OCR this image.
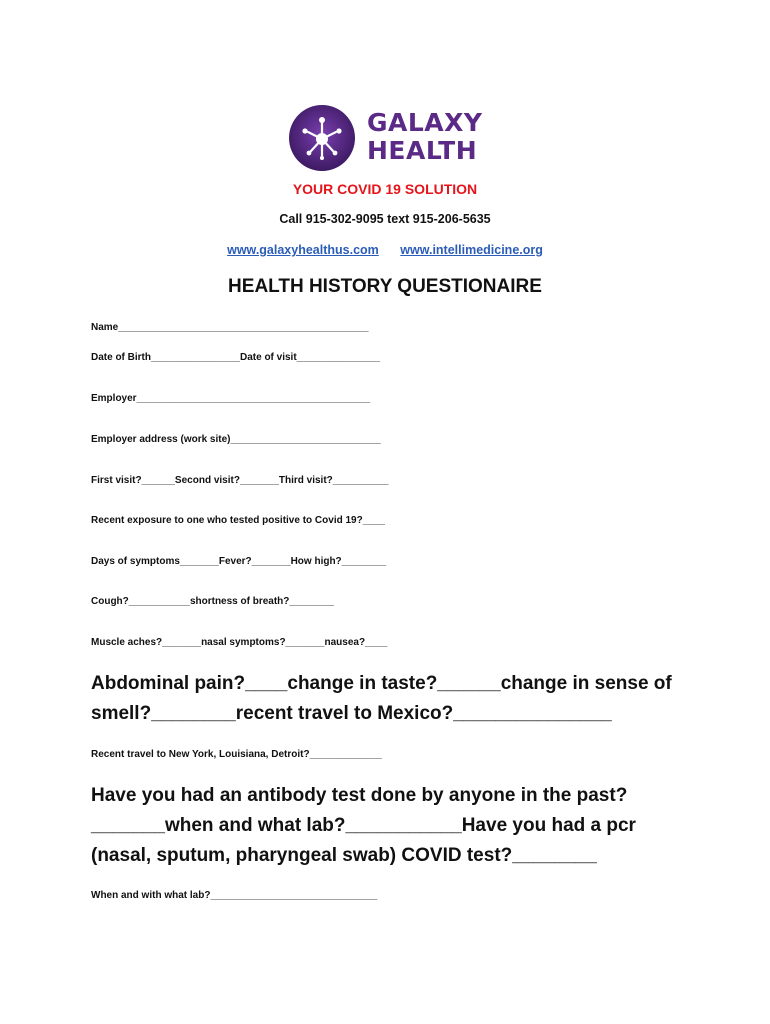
GALAXY
HEALTH
YOUR COVID 19 SOLUTION
Call 915-302-9095 text 915-206-5635
www.galaxyhealthus.com www.intellimedicine.org
HEALTH HISTORY QUESTIONAIRE
Name_____________________________________________
Date of Birth________________Date of visit_______________
Employer__________________________________________
Employer address (work site)___________________________
First visit?______Second visit?_______Third visit?__________
Recent exposure to one who tested positive to Covid 19?____
Days of symptoms_______Fever?_______How high?________
Cough?___________shortness of breath?________
Muscle aches?_______nasal symptoms?_______nausea?____
Abdominal pain?____change in taste?______change in sense of smell?________recent travel to Mexico?_______________
Recent travel to New York, Louisiana, Detroit?_____________
Have you had an antibody test done by anyone in the past?_______when and what lab?___________Have you had a pcr (nasal, sputum, pharyngeal swab) COVID test?________
When and with what lab?______________________________
